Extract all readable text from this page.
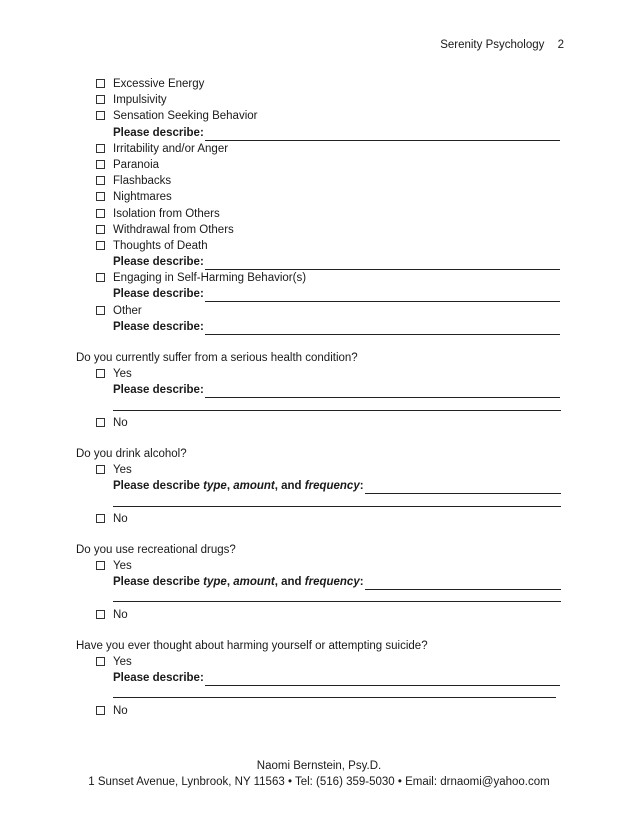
Serenity Psychology 2
Excessive Energy
Impulsivity
Sensation Seeking Behavior
Please describe:
Irritability and/or Anger
Paranoia
Flashbacks
Nightmares
Isolation from Others
Withdrawal from Others
Thoughts of Death
Please describe:
Engaging in Self-Harming Behavior(s)
Please describe:
Other
Please describe:
Do you currently suffer from a serious health condition?
Yes
Please describe:
No
Do you drink alcohol?
Yes
Please describe type, amount, and frequency:
No
Do you use recreational drugs?
Yes
Please describe type, amount, and frequency:
No
Have you ever thought about harming yourself or attempting suicide?
Yes
Please describe:
No
Naomi Bernstein, Psy.D.
1 Sunset Avenue, Lynbrook, NY 11563 • Tel: (516) 359-5030 • Email: drnaomi@yahoo.com
